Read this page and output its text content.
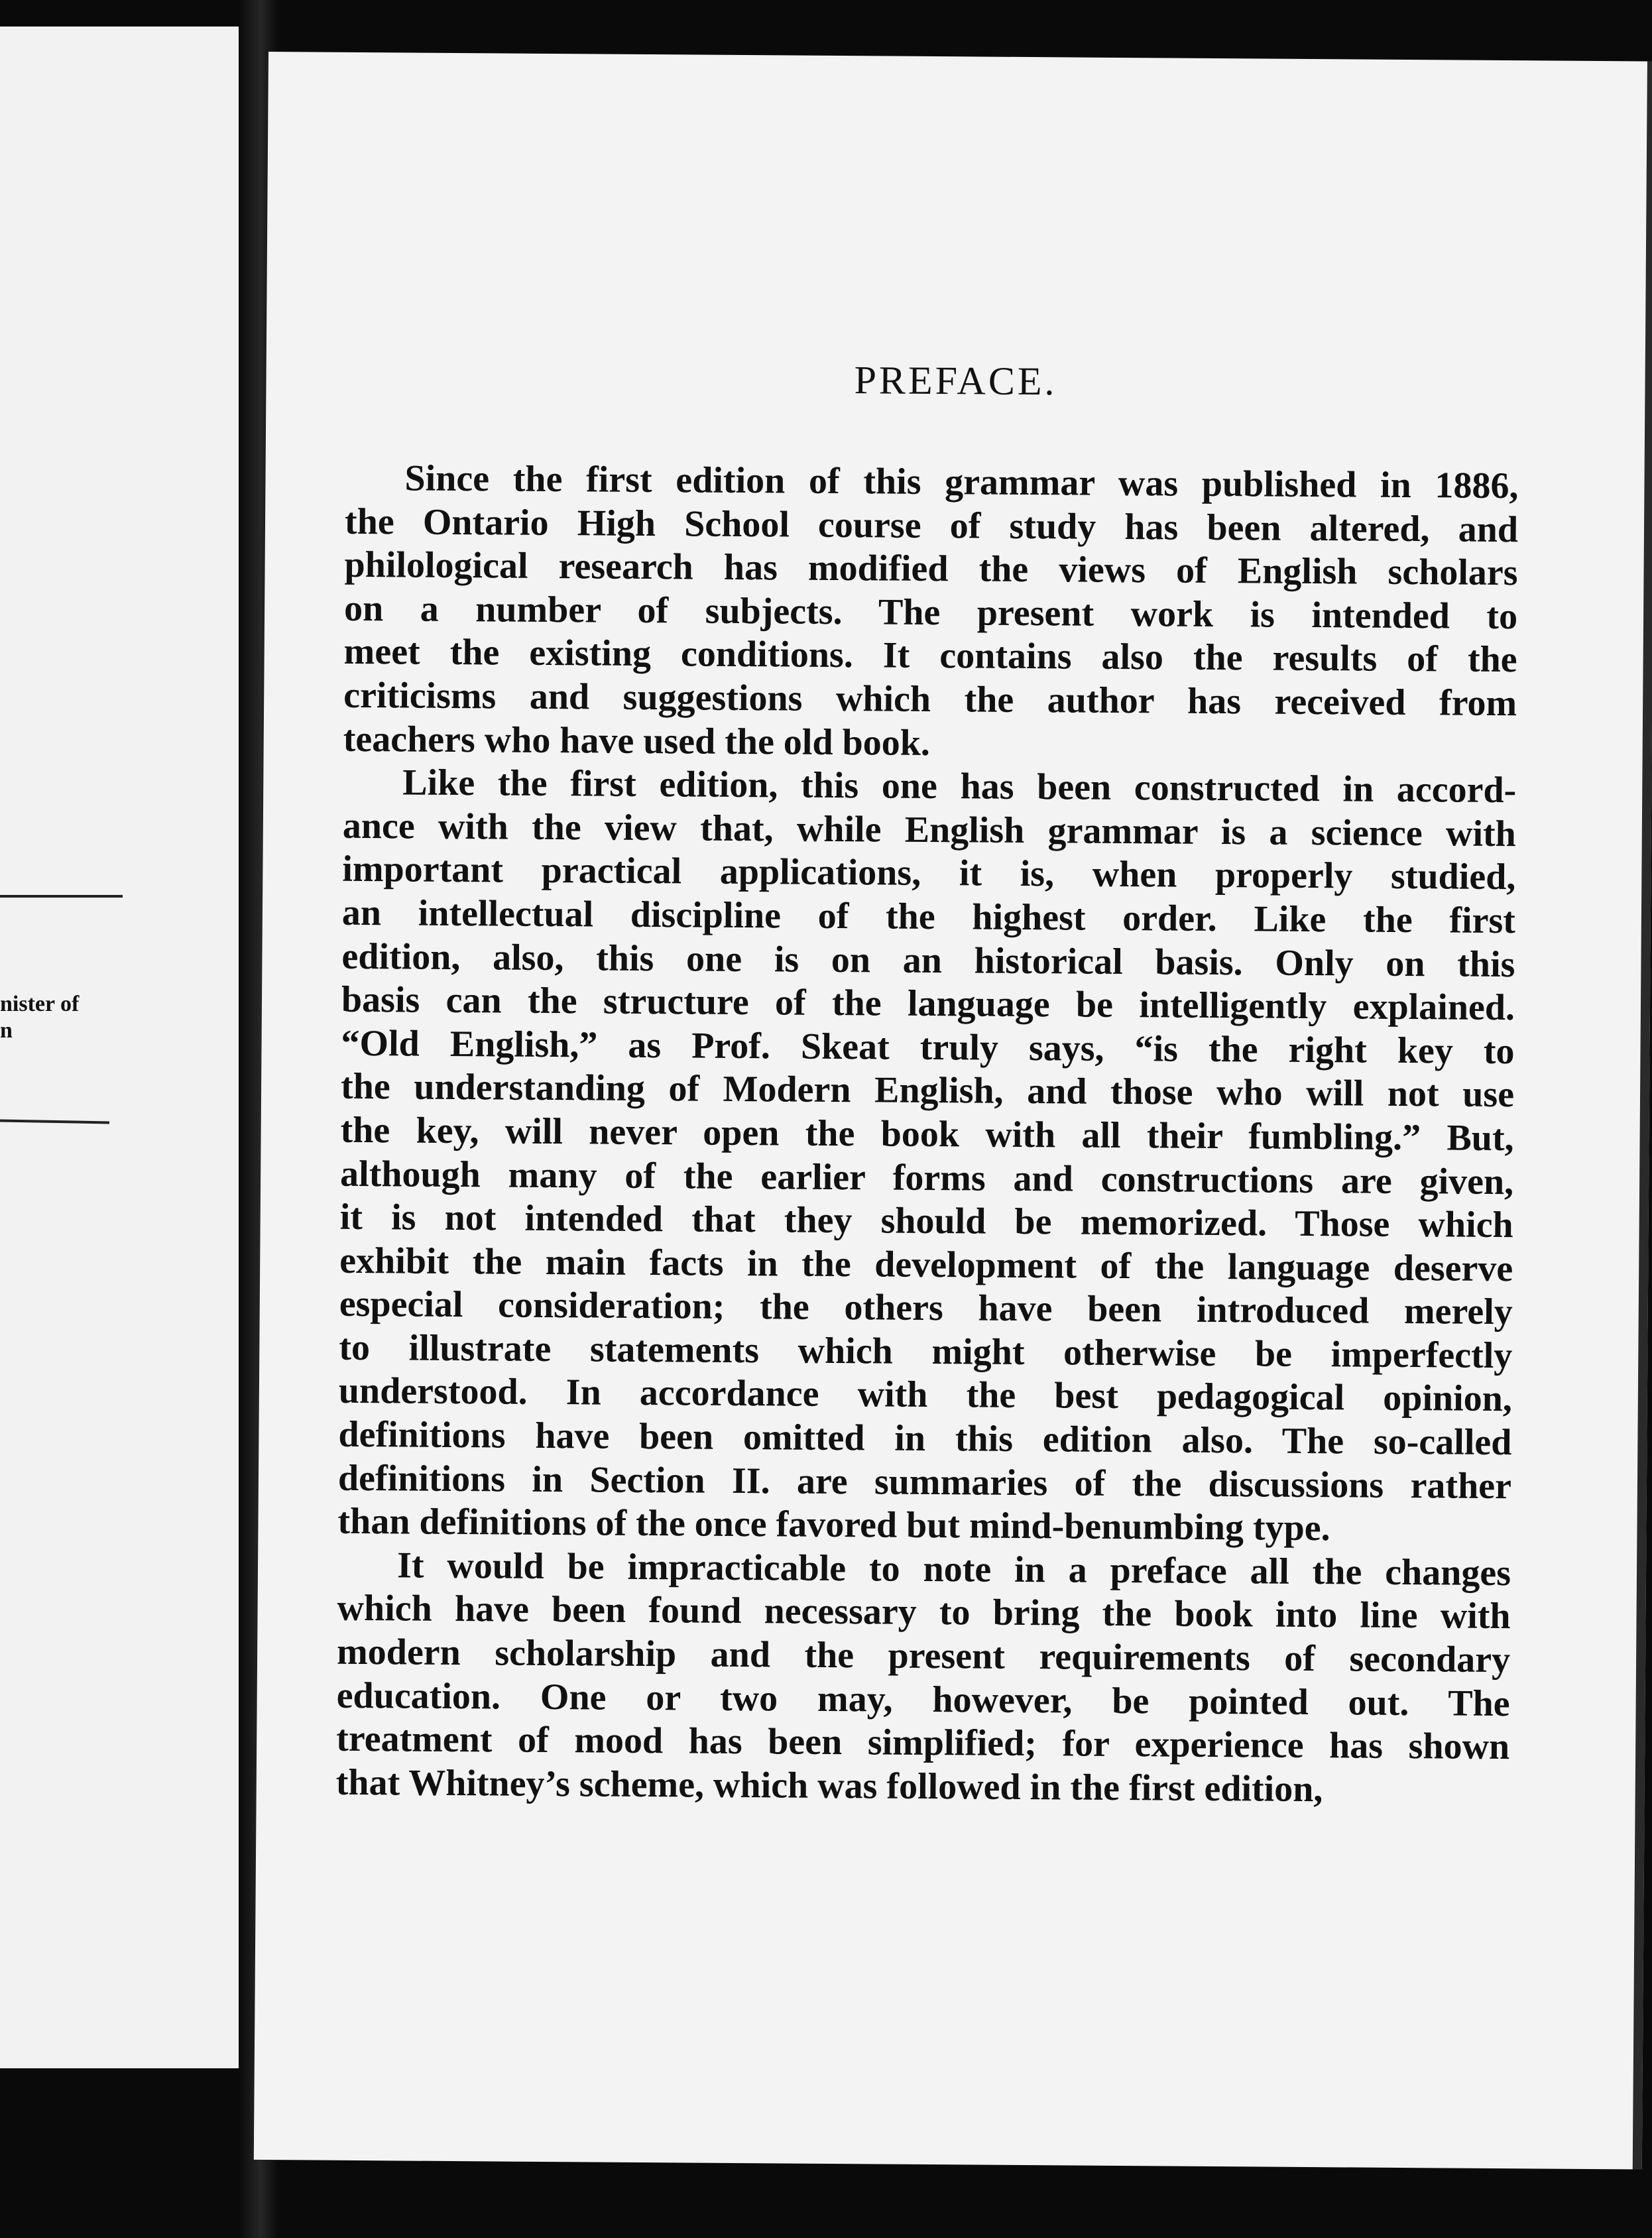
nister of
n
PREFACE.
Since the first edition of this grammar was published in 1886,
the Ontario High School course of study has been altered, and
philological research has modified the views of English scholars
on a number of subjects. The present work is intended to
meet the existing conditions. It contains also the results of the
criticisms and suggestions which the author has received from
teachers who have used the old book.
Like the first edition, this one has been constructed in accord-
ance with the view that, while English grammar is a science with
important practical applications, it is, when properly studied,
an intellectual discipline of the highest order. Like the first
edition, also, this one is on an historical basis. Only on this
basis can the structure of the language be intelligently explained.
“Old English,” as Prof. Skeat truly says, “is the right key to
the understanding of Modern English, and those who will not use
the key, will never open the book with all their fumbling.” But,
although many of the earlier forms and constructions are given,
it is not intended that they should be memorized. Those which
exhibit the main facts in the development of the language deserve
especial consideration; the others have been introduced merely
to illustrate statements which might otherwise be imperfectly
understood. In accordance with the best pedagogical opinion,
definitions have been omitted in this edition also. The so-called
definitions in Section II. are summaries of the discussions rather
than definitions of the once favored but mind-benumbing type.
It would be impracticable to note in a preface all the changes
which have been found necessary to bring the book into line with
modern scholarship and the present requirements of secondary
education. One or two may, however, be pointed out. The
treatment of mood has been simplified; for experience has shown
that Whitney’s scheme, which was followed in the first edition,
